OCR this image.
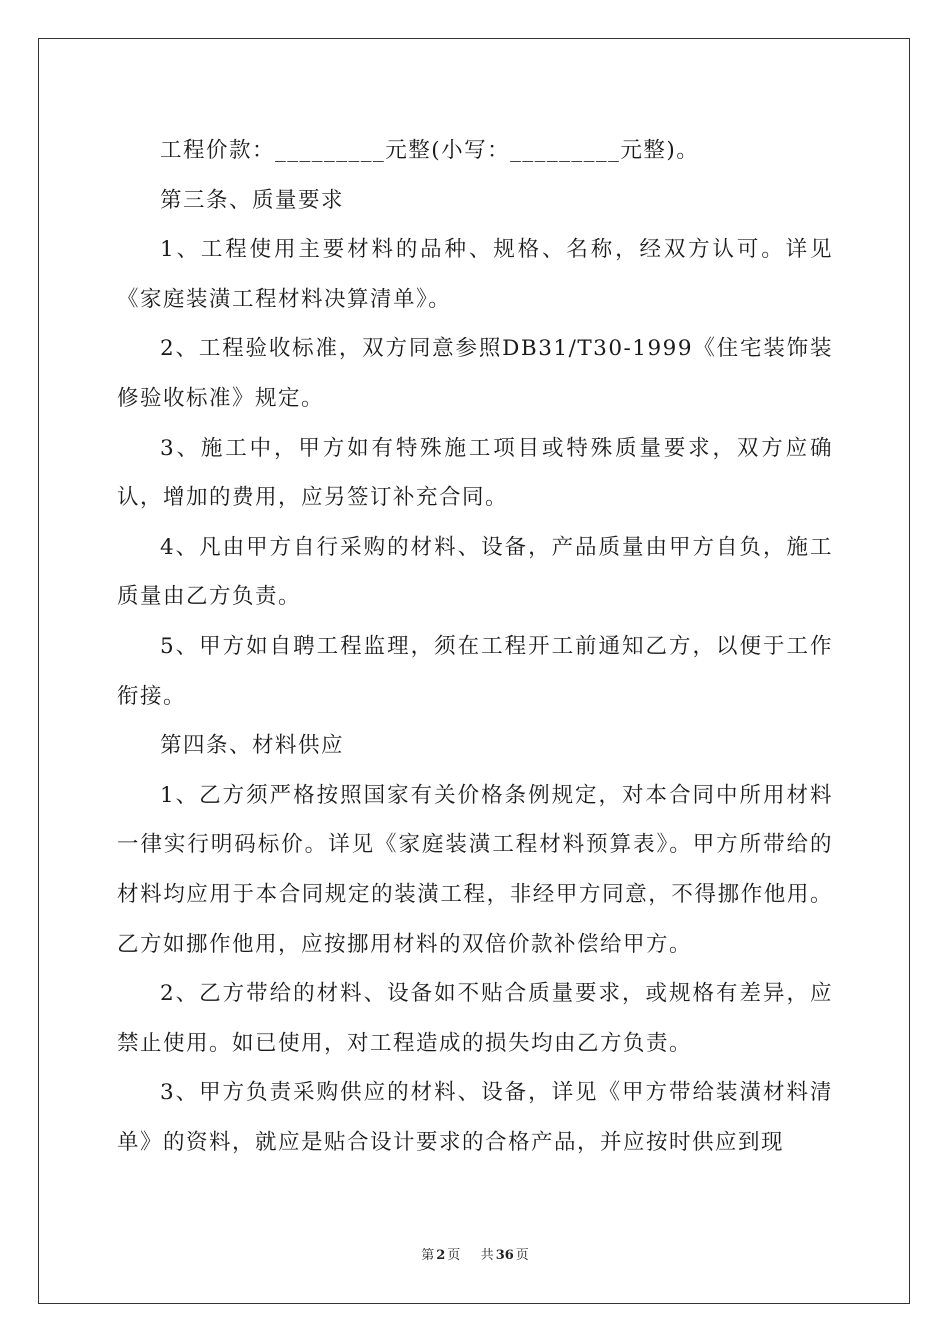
工程价款：_________元整(小写：_________元整)。

第三条、质量要求

1、工程使用主要材料的品种、规格、名称，经双方认可。详见《家庭装潢工程材料决算清单》。

2、工程验收标准，双方同意参照DB31/T30-1999《住宅装饰装修验收标准》规定。

3、施工中，甲方如有特殊施工项目或特殊质量要求，双方应确认，增加的费用，应另签订补充合同。

4、凡由甲方自行采购的材料、设备，产品质量由甲方自负，施工质量由乙方负责。

5、甲方如自聘工程监理，须在工程开工前通知乙方，以便于工作衔接。

第四条、材料供应

1、乙方须严格按照国家有关价格条例规定，对本合同中所用材料一律实行明码标价。详见《家庭装潢工程材料预算表》。甲方所带给的材料均应用于本合同规定的装潢工程，非经甲方同意，不得挪作他用。乙方如挪作他用，应按挪用材料的双倍价款补偿给甲方。

2、乙方带给的材料、设备如不贴合质量要求，或规格有差异，应禁止使用。如已使用，对工程造成的损失均由乙方负责。

3、甲方负责采购供应的材料、设备，详见《甲方带给装潢材料清单》的资料，就应是贴合设计要求的合格产品，并应按时供应到现

第 2 页 共 36 页
